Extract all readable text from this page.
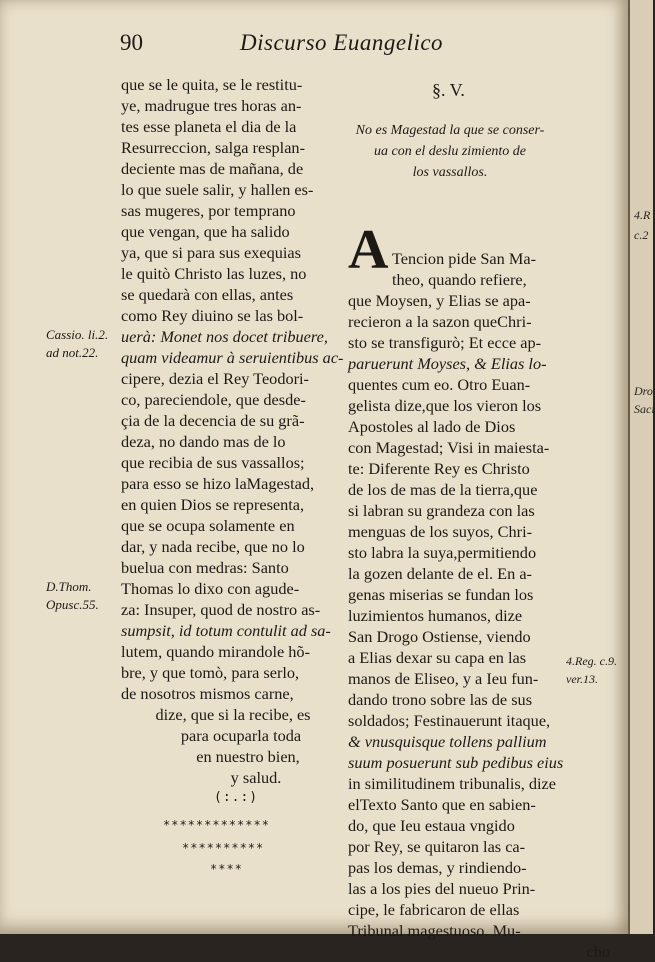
90	Discurso Euangelico
que se le quita, se le restitu-
ye, madrugue tres horas an-
tes esse planeta el dia de la
Resurreccion, salga resplan-
deciente mas de mañana, de
lo que suele salir, y hallen es-
sas mugeres, por temprano
que vengan, que ha salido
ya, que si para sus exequias
le quitò Christo las luzes, no
se quedarà con ellas, antes
como Rey diuino se las bol-
uerà: Monet nos docet tribuere,
quam videamur à seruientibus ac-
cipere, dezia el Rey Teodori-
co, pareciendole, que desde-
çia de la decencia de su grã-
deza, no dando mas de lo
que recibia de sus vassallos;
para esso se hizo laMagestad,
en quien Dios se representa,
que se ocupa solamente en
dar, y nada recibe, que no lo
buelua con medras: Santo
Thomas lo dixo con agude-
za: Insuper, quod de nostro as-
sumpsit, id totum contulit ad sa-
lutem, quando mirandole hõ-
bre, y que tomò, para serlo,
de nosotros mismos carne,
dize, que si la recibe, es
para ocuparla toda
en nuestro bien,
y salud.
(:.:)
*************
**********
****
Cassio. li.2.
ad not.22.
D.Thom.
Opusc.55.
§. V.
No es Magestad la que se conser-
ua con el deslu zimiento de
los vassallos.
A Tencion pide San Ma-
theo, quando refiere,
que Moysen, y Elias se apa-
recieron a la sazon queChri-
sto se transfigurò; Et ecce ap-
paruerunt Moyses, & Elias lo-
quentes cum eo. Otro Euan-
gelista dize,que los vieron los
Apostoles al lado de Dios
con Magestad; Visi in maiesta-
te: Diferente Rey es Christo
de los de mas de la tierra,que
si labran su grandeza con las
menguas de los suyos, Chri-
sto labra la suya,permitiendo
la gozen delante de el. En a-
genas miserias se fundan los
luzimientos humanos, dize
San Drogo Ostiense, viendo
a Elias dexar su capa en las
manos de Eliseo, y a Ieu fun-
dando trono sobre las de sus
soldados; Festinauerunt itaque,
& vnusquisque tollens pallium
suum posuerunt sub pedibus eius
in similitudinem tribunalis, dize
elTexto Santo que en sabien-
do, que Ieu estaua vngido
por Rey, se quitaron las ca-
pas los demas, y rindiendo-
las a los pies del nueuo Prin-
cipe, le fabricaron de ellas
Tribunal magestuoso. Mu-
cho
4.Reg. c.9.
ver.13.
4.R
c.2
Dro
Saci
